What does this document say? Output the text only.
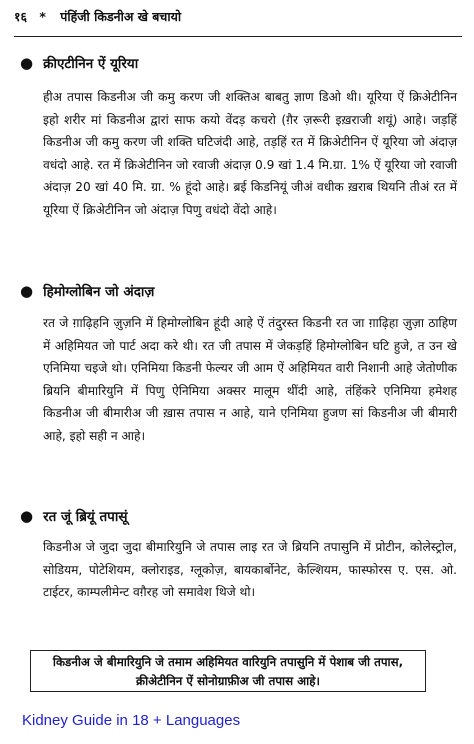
१६ * पंहिंजी किडनीअ खे बचायो
● क्रीएटीनिन ऐं यूरिया
हीअ तपास किडनीअ जी कमु करण जी शक्तिअ बाबतु ज्ञाण डिओ थी। यूरिया ऐं क्रिअेटीनिन इहो शरीर मां किडनीअ द्वारां साफ कयो वेंदड़ कचरो (ग़ैर ज़रूरी इख़राजी शयूं) आहे। जड़हिं किडनीअ जी कमु करण जी शक्ति घटिजंदी आहे, तड़हिं रत में क्रिअेटीनिन ऐं यूरिया जो अंदाज़ वधंदो आहे. रत में क्रिअेटीनिन जो रवाजी अंदाज़ 0.9 खां 1.4 मि.ग्रा. 1% ऐं यूरिया जो रवाजी अंदाज़ 20 खां 40 मि. ग्रा. % हूंदो आहे। ब्रई किडनियूं जीअं वधीक ख़राब थियनि तीअं रत में यूरिया ऐं क्रिअेटीनिन जो अंदाज़ पिणु वधंदो वेंदो आहे।
● हिमोग्लोबिन जो अंदाज़
रत जे ग़ाढ़िहनि ज़ुज़नि में हिमोग्लोबिन हूंदी आहे ऐं तंदुरस्त किडनी रत जा ग़ाढ़िहा ज़ुज़ा ठाहिण में अहिमियत जो पार्ट अदा करे थी। रत जी तपास में जेकड़हिं हिमोग्लोबिन घटि हुजे, त उन खे एनिमिया चइजे थो। एनिमिया किडनी फेल्यर जी आम ऐं अहिमियत वारी निशानी आहे जेतोणीक ब्रियनि बीमारियुनि में पिणु ऐनिमिया अक्सर मालूम थींदी आहे, तंहिंकरे एनिमिया हमेशह किडनीअ जी बीमारीअ जी ख़ास तपास न आहे, याने एनिमिया हुजण सां किडनीअ जी बीमारी आहे, इहो सही न आहे।
● रत जूं ब्रियूं तपासूं
किडनीअ जे जुदा जुदा बीमारियुनि जे तपास लाइ रत जे ब्रियनि तपासुनि में प्रोटीन, कोलेस्ट्रोल, सोडियम, पोटेशियम, क्लोराइड, ग्लूकोज़, बायकार्बोनेट, केल्शियम, फास्फोरस ए. एस. ओ. टाईटर, काम्पलीमेन्ट वग़ैरह जो समावेश थिजे थो।
किडनीअ जे बीमारियुनि जे तमाम अहिमियत वारियुनि तपासुनि में पेशाब जी तपास, क्रीअेटीनिन ऐं सोनोग्राफ़ीअ जी तपास आहे।
Kidney Guide in 18 + Languages
